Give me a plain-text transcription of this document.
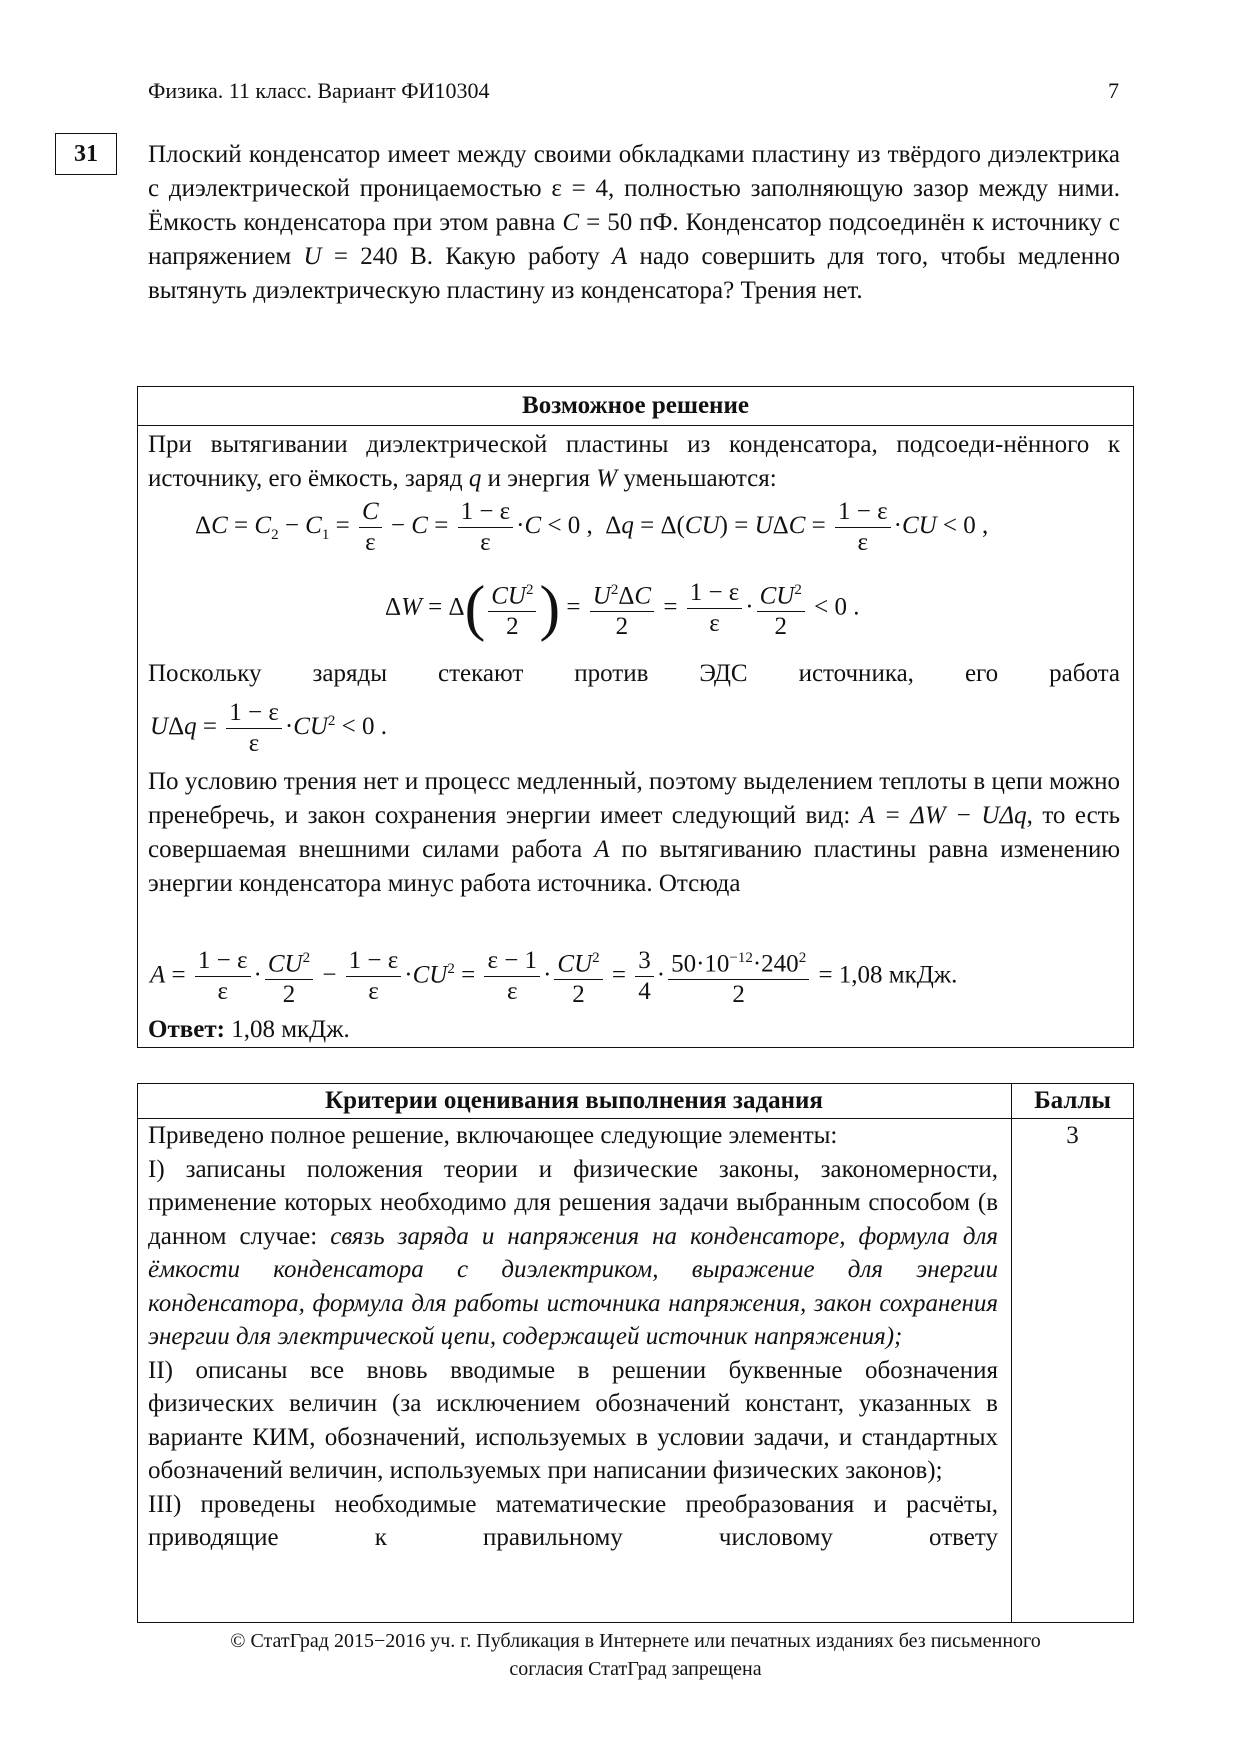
Физика. 11 класс. Вариант ФИ10304	7
31	Плоский конденсатор имеет между своими обкладками пластину из твёрдого диэлектрика с диэлектрической проницаемостью ε = 4, полностью заполняющую зазор между ними. Ёмкость конденсатора при этом равна C = 50 пФ. Конденсатор подсоединён к источнику с напряжением U = 240 В. Какую работу A надо совершить для того, чтобы медленно вытянуть диэлектрическую пластину из конденсатора? Трения нет.
Возможное решение
При вытягивании диэлектрической пластины из конденсатора, подсоеди-нённого к источнику, его ёмкость, заряд q и энергия W уменьшаются:
$\Delta C = C_2 - C_1 = \frac{C}{\varepsilon} - C = \frac{1 - \varepsilon}{\varepsilon} \cdot C < 0$ ,  $\Delta q = \Delta(CU) = U\Delta C = \frac{1 - \varepsilon}{\varepsilon} \cdot CU < 0$ ,
$\Delta W = \Delta( \frac{CU^2}{2}$ ) = $\frac{U^2\Delta C}{2} = \frac{1 - \varepsilon}{\varepsilon} \cdot \frac{CU^2}{2} < 0$ .
Поскольку заряды стекают против ЭДС источника, его работа
$U\Delta q = \frac{1 - \varepsilon}{\varepsilon} \cdot CU^2 < 0$ .
По условию трения нет и процесс медленный, поэтому выделением теплоты в цепи можно пренебречь, и закон сохранения энергии имеет следующий вид: A = ΔW − UΔq, то есть совершаемая внешними силами работа A по вытягиванию пластины равна изменению энергии конденсатора минус работа источника. Отсюда
$A = \frac{1 - \varepsilon}{\varepsilon} \cdot \frac{CU^2}{2} - \frac{1 - \varepsilon}{\varepsilon} \cdot CU^2 = \frac{\varepsilon - 1}{\varepsilon} \cdot \frac{CU^2}{2} = \frac{3}{4} \cdot \frac{50\cdot 10^{-12}\cdot 240^2}{2} = 1,08$ мкДж.
Ответ: 1,08 мкДж.
Критерии оценивания выполнения задания	Баллы
Приведено полное решение, включающее следующие элементы:
I) записаны положения теории и физические законы, закономерности, применение которых необходимо для решения задачи выбранным способом (в данном случае: связь заряда и напряжения на конденсаторе, формула для ёмкости конденсатора с диэлектриком, выражение для энергии конденсатора, формула для работы источника напряжения, закон сохранения энергии для электрической цепи, содержащей источник напряжения);
II) описаны все вновь вводимые в решении буквенные обозначения физических величин (за исключением обозначений констант, указанных в варианте КИМ, обозначений, используемых в условии задачи, и стандартных обозначений величин, используемых при написании физических законов);
III) проведены необходимые математические преобразования и расчёты, приводящие к правильному числовому ответу
3
© СтатГрад 2015−2016 уч. г. Публикация в Интернете или печатных изданиях без письменного
согласия СтатГрад запрещена
